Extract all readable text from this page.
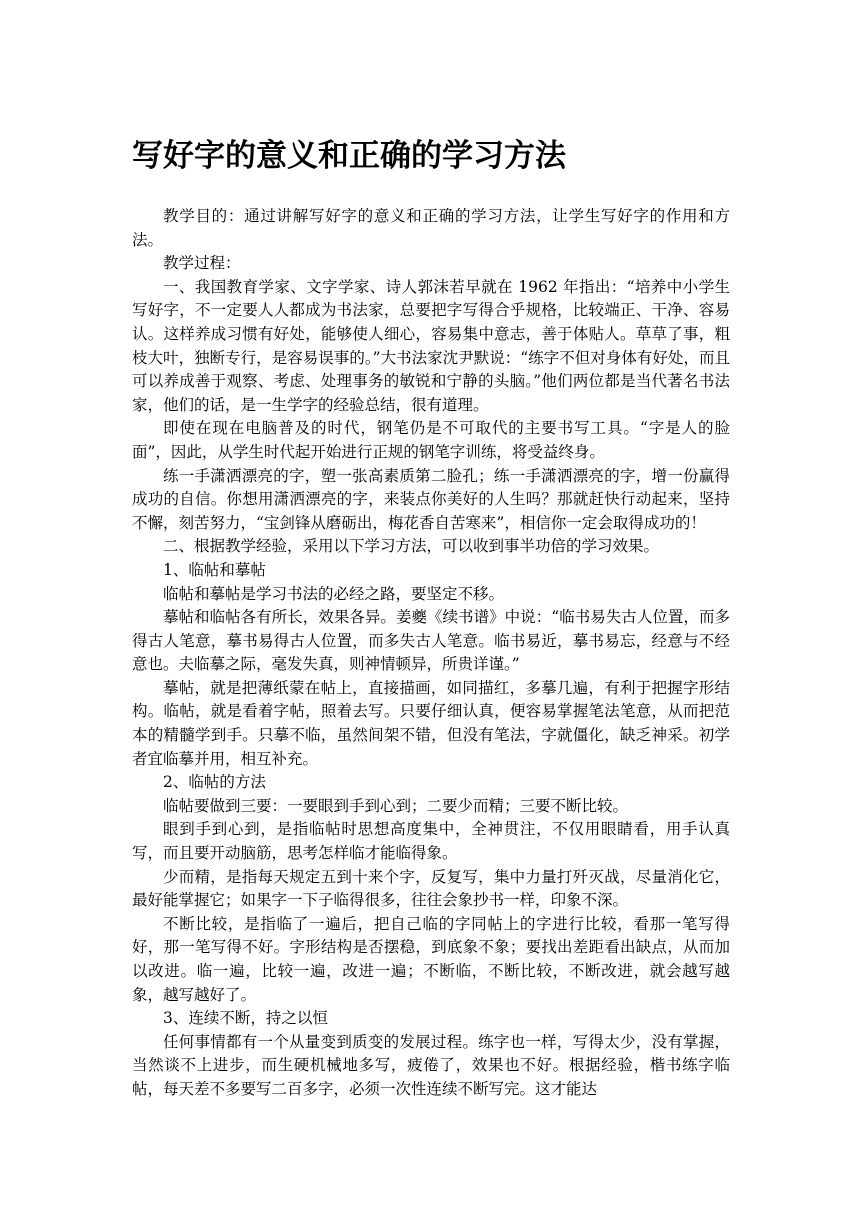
写好字的意义和正确的学习方法

教学目的：通过讲解写好字的意义和正确的学习方法，让学生写好字的作用和方法。

教学过程：

一、我国教育学家、文字学家、诗人郭沫若早就在 1962 年指出：“培养中小学生写好字，不一定要人人都成为书法家，总要把字写得合乎规格，比较端正、干净、容易认。这样养成习惯有好处，能够使人细心，容易集中意志，善于体贴人。草草了事，粗枝大叶，独断专行，是容易误事的。”大书法家沈尹默说：“练字不但对身体有好处，而且可以养成善于观察、考虑、处理事务的敏锐和宁静的头脑。”他们两位都是当代著名书法家，他们的话，是一生学字的经验总结，很有道理。

即使在现在电脑普及的时代，钢笔仍是不可取代的主要书写工具。“字是人的脸面”，因此，从学生时代起开始进行正规的钢笔字训练，将受益终身。

练一手潇洒漂亮的字，塑一张高素质第二脸孔；练一手潇洒漂亮的字，增一份赢得成功的自信。你想用潇洒漂亮的字，来装点你美好的人生吗？那就赶快行动起来，坚持不懈，刻苦努力，“宝剑锋从磨砺出，梅花香自苦寒来”，相信你一定会取得成功的！

二、根据教学经验，采用以下学习方法，可以收到事半功倍的学习效果。

1、临帖和摹帖

临帖和摹帖是学习书法的必经之路，要坚定不移。

摹帖和临帖各有所长，效果各异。姜夔《续书谱》中说：“临书易失古人位置，而多得古人笔意，摹书易得古人位置，而多失古人笔意。临书易近，摹书易忘，经意与不经意也。夫临摹之际，毫发失真，则神情顿异，所贵详谨。”

摹帖，就是把薄纸蒙在帖上，直接描画，如同描红，多摹几遍，有利于把握字形结构。临帖，就是看着字帖，照着去写。只要仔细认真，便容易掌握笔法笔意，从而把范本的精髓学到手。只摹不临，虽然间架不错，但没有笔法，字就僵化，缺乏神采。初学者宜临摹并用，相互补充。

2、临帖的方法

临帖要做到三要：一要眼到手到心到；二要少而精；三要不断比较。

眼到手到心到，是指临帖时思想高度集中，全神贯注，不仅用眼睛看，用手认真写，而且要开动脑筋，思考怎样临才能临得象。

少而精，是指每天规定五到十来个字，反复写，集中力量打歼灭战，尽量消化它，最好能掌握它；如果字一下子临得很多，往往会象抄书一样，印象不深。

不断比较，是指临了一遍后，把自己临的字同帖上的字进行比较，看那一笔写得好，那一笔写得不好。字形结构是否摆稳，到底象不象；要找出差距看出缺点，从而加以改进。临一遍，比较一遍，改进一遍；不断临，不断比较，不断改进，就会越写越象，越写越好了。

3、连续不断，持之以恒

任何事情都有一个从量变到质变的发展过程。练字也一样，写得太少，没有掌握，当然谈不上进步，而生硬机械地多写，疲倦了，效果也不好。根据经验，楷书练字临帖，每天差不多要写二百多字，必须一次性连续不断写完。这才能达
